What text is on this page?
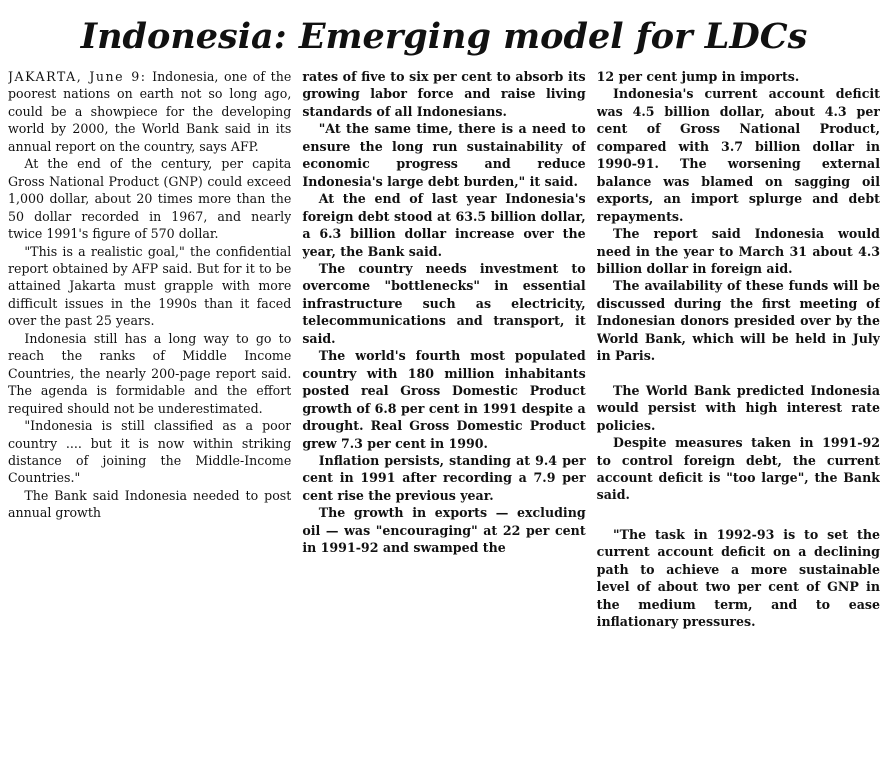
Indonesia: Emerging model for LDCs

JAKARTA, June 9: Indonesia, one of the poorest nations on earth not so long ago, could be a showpiece for the developing world by 2000, the World Bank said in its annual report on the country, says AFP.

At the end of the century, per capita Gross National Product (GNP) could exceed 1,000 dollar, about 20 times more than the 50 dollar recorded in 1967, and nearly twice 1991's figure of 570 dollar.

"This is a realistic goal," the confidential report obtained by AFP said. But for it to be attained Jakarta must grapple with more difficult issues in the 1990s than it faced over the past 25 years.

Indonesia still has a long way to go to reach the ranks of Middle Income Countries, the nearly 200-page report said. The agenda is formidable and the effort required should not be underestimated.

"Indonesia is still classified as a poor country .... but it is now within striking distance of joining the Middle-Income Countries."

The Bank said Indonesia needed to post annual growth

rates of five to six per cent to absorb its growing labor force and raise living standards of all Indonesians.

"At the same time, there is a need to ensure the long run sustainability of economic progress and reduce Indonesia's large debt burden," it said.

At the end of last year Indonesia's foreign debt stood at 63.5 billion dollar, a 6.3 billion dollar increase over the year, the Bank said.

The country needs investment to overcome "bottlenecks" in essential infrastructure such as electricity, telecommunications and transport, it said.

The world's fourth most populated country with 180 million inhabitants posted real Gross Domestic Product growth of 6.8 per cent in 1991 despite a drought. Real Gross Domestic Product grew 7.3 per cent in 1990.

Inflation persists, standing at 9.4 per cent in 1991 after recording a 7.9 per cent rise the previous year.

The growth in exports — excluding oil — was "encouraging" at 22 per cent in 1991-92 and swamped the

12 per cent jump in imports.

Indonesia's current account deficit was 4.5 billion dollar, about 4.3 per cent of Gross National Product, compared with 3.7 billion dollar in 1990-91. The worsening external balance was blamed on sagging oil exports, an import splurge and debt repayments.

The report said Indonesia would need in the year to March 31 about 4.3 billion dollar in foreign aid.

The availability of these funds will be discussed during the first meeting of Indonesian donors presided over by the World Bank, which will be held in July in Paris.

The World Bank predicted Indonesia would persist with high interest rate policies.

Despite measures taken in 1991-92 to control foreign debt, the current account deficit is "too large", the Bank said.

"The task in 1992-93 is to set the current account deficit on a declining path to achieve a more sustainable level of about two per cent of GNP in the medium term, and to ease inflationary pressures.
